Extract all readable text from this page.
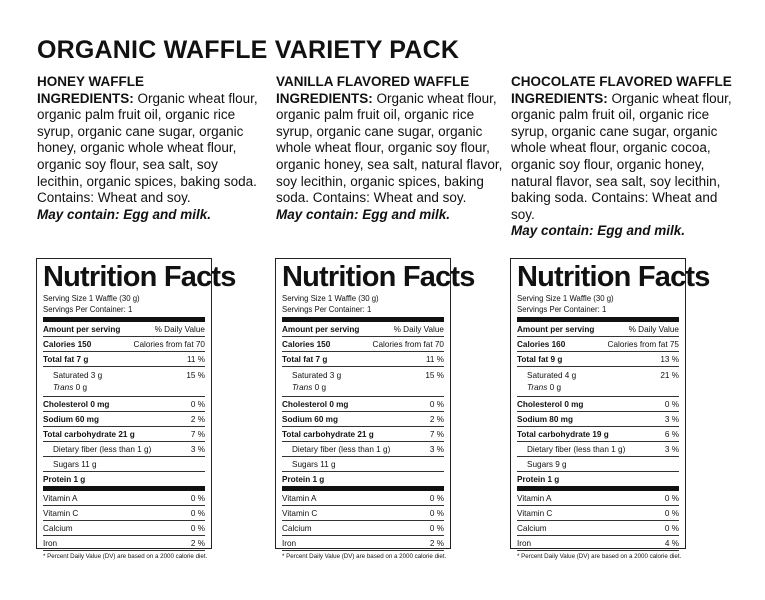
ORGANIC WAFFLE VARIETY PACK
HONEY WAFFLE
INGREDIENTS: Organic wheat flour, organic palm fruit oil, organic rice syrup, organic cane sugar, organic honey, organic whole wheat flour, organic soy flour, sea salt, soy lecithin, organic spices, baking soda. Contains: Wheat and soy.
May contain: Egg and milk.
VANILLA FLAVORED WAFFLE
INGREDIENTS: Organic wheat flour, organic palm fruit oil, organic rice syrup, organic cane sugar, organic whole wheat flour, organic soy flour, organic honey, sea salt, natural flavor, soy lecithin, organic spices, baking soda. Contains: Wheat and soy.
May contain: Egg and milk.
CHOCOLATE FLAVORED WAFFLE
INGREDIENTS: Organic wheat flour, organic palm fruit oil, organic rice syrup, organic cane sugar, organic whole wheat flour, organic cocoa, organic soy flour, organic honey, natural flavor, sea salt, soy lecithin, baking soda. Contains: Wheat and soy.
May contain: Egg and milk.
Nutrition Facts
Serving Size 1 Waffle (30 g)
Servings Per Container: 1
Amount per serving	% Daily Value
Calories 150	Calories from fat 70
Total fat 7 g	11 %
Saturated 3 g	15 %
Trans 0 g
Cholesterol 0 mg	0 %
Sodium 60 mg	2 %
Total carbohydrate 21 g	7 %
Dietary fiber (less than 1 g)	3 %
Sugars 11 g
Protein 1 g
Vitamin A	0 %
Vitamin C	0 %
Calcium	0 %
Iron	2 %
* Percent Daily Value (DV) are based on a 2000 calorie diet.
Nutrition Facts
Serving Size 1 Waffle (30 g)
Servings Per Container: 1
Amount per serving	% Daily Value
Calories 150	Calories from fat 70
Total fat 7 g	11 %
Saturated 3 g	15 %
Trans 0 g
Cholesterol 0 mg	0 %
Sodium 60 mg	2 %
Total carbohydrate 21 g	7 %
Dietary fiber (less than 1 g)	3 %
Sugars 11 g
Protein 1 g
Vitamin A	0 %
Vitamin C	0 %
Calcium	0 %
Iron	2 %
* Percent Daily Value (DV) are based on a 2000 calorie diet.
Nutrition Facts
Serving Size 1 Waffle (30 g)
Servings Per Container: 1
Amount per serving	% Daily Value
Calories 160	Calories from fat 75
Total fat 9 g	13 %
Saturated 4 g	21 %
Trans 0 g
Cholesterol 0 mg	0 %
Sodium 80 mg	3 %
Total carbohydrate 19 g	6 %
Dietary fiber (less than 1 g)	3 %
Sugars 9 g
Protein 1 g
Vitamin A	0 %
Vitamin C	0 %
Calcium	0 %
Iron	4 %
* Percent Daily Value (DV) are based on a 2000 calorie diet.
